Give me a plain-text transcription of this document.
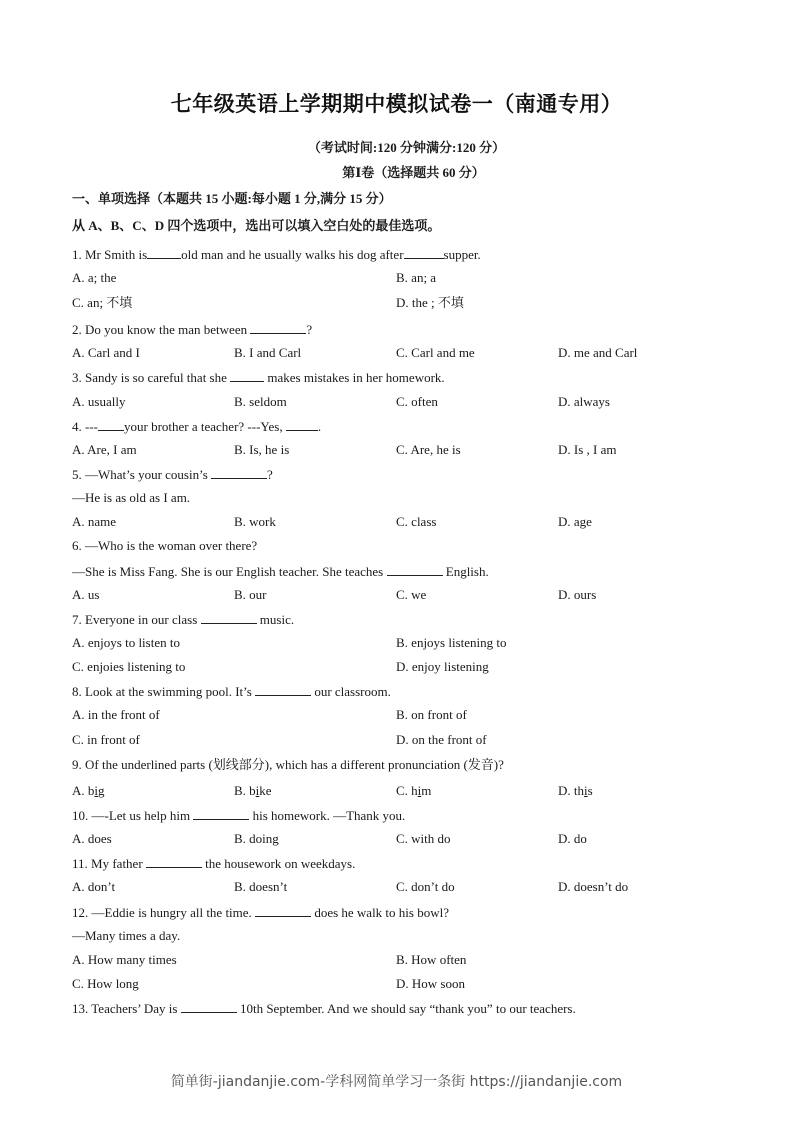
七年级英语上学期期中模拟试卷一（南通专用）
（考试时间:120 分钟满分:120 分）
第Ⅰ卷（选择题共 60 分）
一、单项选择（本题共 15 小题:每小题 1 分,满分 15 分）
从 A、B、C、D 四个选项中，选出可以填入空白处的最佳选项。
1. Mr Smith is	old man and he usually walks his dog after	supper.
A. a; the	B. an; a
C. an; 不填	D. the ; 不填
2. Do you know the man between	?
A. Carl and I	B. I and Carl	C. Carl and me	D. me and Carl
3. Sandy is so careful that she	makes mistakes in her homework.
A. usually	B. seldom	C. often	D. always
4. --- your brother a teacher? ---Yes, .
A. Are, I am	B. Is, he is	C. Are, he is	D. Is , I am
5. —What’s your cousin’s	?
—He is as old as I am.
A. name	B. work	C. class	D. age
6. —Who is the woman over there?
—She is Miss Fang. She is our English teacher. She teaches	English.
A. us	B. our	C. we	D. ours
7. Everyone in our class	music.
A. enjoys to listen to	B. enjoys listening to
C. enjoies listening to	D. enjoy listening
8. Look at the swimming pool. It’s	our classroom.
A. in the front of	B. on front of
C. in front of	D. on the front of
9. Of the underlined parts (划线部分), which has a different pronunciation (发音)?
A. big	B. bike	C. him	D. this
10. —-Let us help him	his homework. —Thank you.
A. does	B. doing	C. with do	D. do
11. My father	the housework on weekdays.
A. don’t	B. doesn’t	C. don’t do	D. doesn’t do
12. —Eddie is hungry all the time.	does he walk to his bowl?
—Many times a day.
A. How many times	B. How often
C. How long	D. How soon
13. Teachers’ Day is	10th September. And we should say “thank you” to our teachers.
简单街-jiandanjie.com-学科网简单学习一条街 https://jiandanjie.com
